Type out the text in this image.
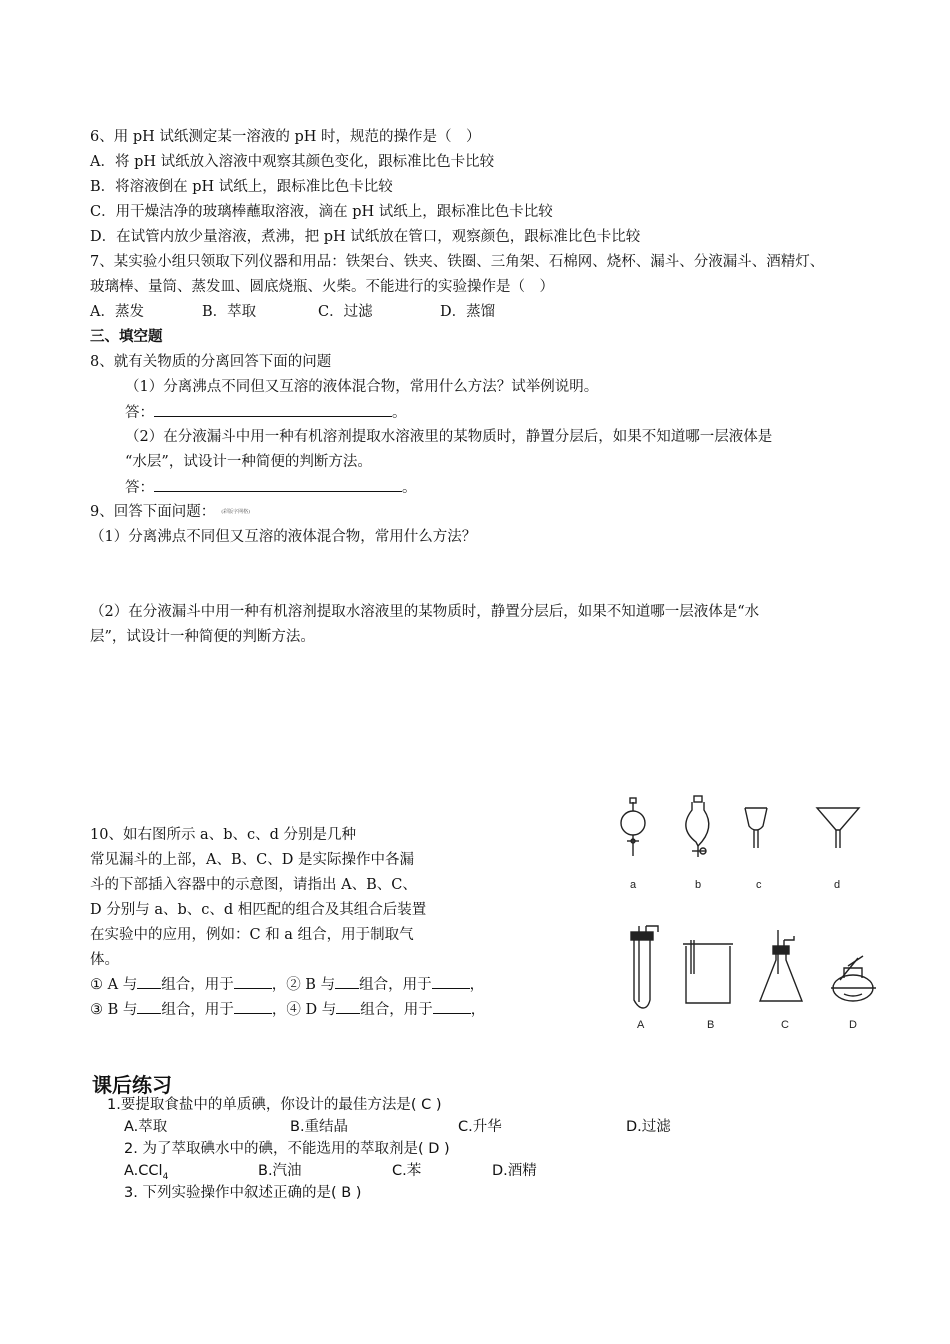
6、用 pH 试纸测定某一溶液的 pH 时，规范的操作是（　）
A．将 pH 试纸放入溶液中观察其颜色变化，跟标准比色卡比较
B．将溶液倒在 pH 试纸上，跟标准比色卡比较
C．用干燥洁净的玻璃棒蘸取溶液，滴在 pH 试纸上，跟标准比色卡比较
D．在试管内放少量溶液，煮沸，把 pH 试纸放在管口，观察颜色，跟标准比色卡比较
7、某实验小组只领取下列仪器和用品：铁架台、铁夹、铁圈、三角架、石棉网、烧杯、漏斗、分液漏斗、酒精灯、
玻璃棒、量筒、蒸发皿、圆底烧瓶、火柴。不能进行的实验操作是（　）
A．蒸发	B．萃取	C．过滤	D．蒸馏
三、填空题
8、就有关物质的分离回答下面的问题
（1）分离沸点不同但又互溶的液体混合物，常用什么方法？试举例说明。
答：	。
（2）在分液漏斗中用一种有机溶剂提取水溶液里的某物质时，静置分层后，如果不知道哪一层液体是
“水层”，试设计一种简便的判断方法。
答：	。
9、回答下面问题： (彩版字网格)
（1）分离沸点不同但又互溶的液体混合物，常用什么方法？
（2）在分液漏斗中用一种有机溶剂提取水溶液里的某物质时，静置分层后，如果不知道哪一层液体是“水
层”，试设计一种简便的判断方法。
10、如右图所示 a、b、c、d 分别是几种
常见漏斗的上部，A、B、C、D 是实际操作中各漏
斗的下部插入容器中的示意图，请指出 A、B、C、
D 分别与 a、b、c、d 相匹配的组合及其组合后装置
在实验中的应用，例如：C 和 a 组合，用于制取气
体。
① A 与 组合，用于	，② B 与 组合，用于	，
③ B 与 组合，用于	，④ D 与 组合，用于	，
a	b	c	d
A	B	C	D
课后练习
1.要提取食盐中的单质碘，你设计的最佳方法是( C )
A.萃取	B.重结晶	C.升华	D.过滤
2. 为了萃取碘水中的碘，不能选用的萃取剂是( D )
A.CCl$_4$	B.汽油	C.苯	D.酒精
3. 下列实验操作中叙述正确的是( B )
